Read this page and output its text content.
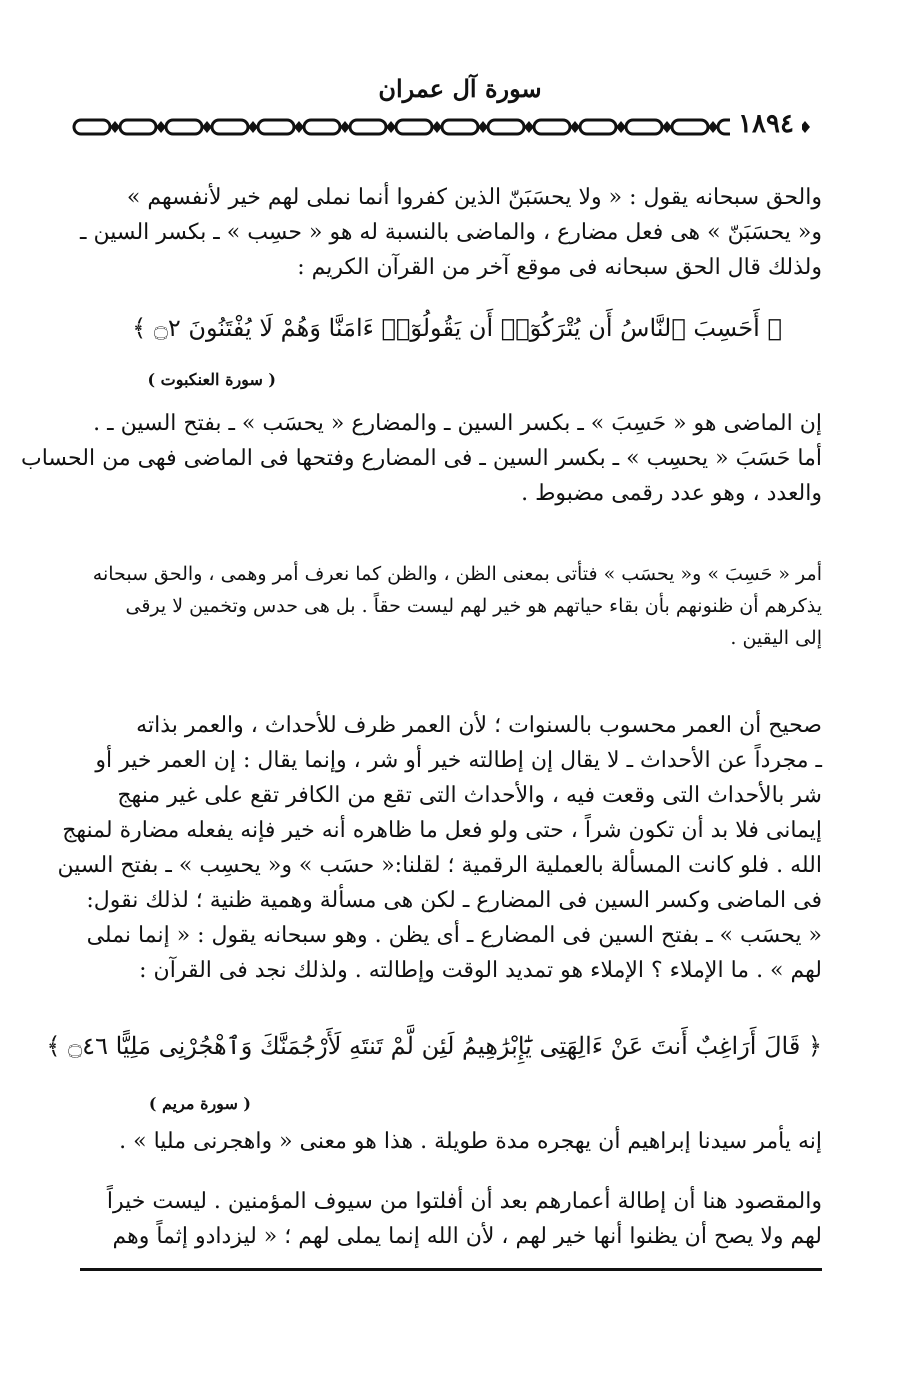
سورة آل عمران
١٨٩٤
والحق سبحانه يقول : « ولا يحسَبَنّ الذين كفروا أنما نملى لهم خير لأنفسهم »
و« يحسَبَنّ » هى فعل مضارع ، والماضى بالنسبة له هو « حسِب » ـ بكسر السين ـ
ولذلك قال الحق سبحانه فى موقع آخر من القرآن الكريم :
﴿ أَحَسِبَ ٱلنَّاسُ أَن يُتْرَكُوٓا۟ أَن يَقُولُوٓا۟ ءَامَنَّا وَهُمْ لَا يُفْتَنُونَ ۝٢ ﴾
( سورة العنكبوت )
إن الماضى هو « حَسِبَ » ـ بكسر السين ـ والمضارع « يحسَب » ـ بفتح السين ـ .
أما حَسَبَ « يحسِب » ـ بكسر السين ـ فى المضارع وفتحها فى الماضى فهى من الحساب
والعدد ، وهو عدد رقمى مضبوط .
أمر « حَسِبَ » و« يحسَب » فتأتى بمعنى الظن ، والظن كما نعرف أمر وهمى ، والحق سبحانه
يذكرهم أن ظنونهم بأن بقاء حياتهم هو خير لهم ليست حقاً . بل هى حدس وتخمين لا يرقى
إلى اليقين .
صحيح أن العمر محسوب بالسنوات ؛ لأن العمر ظرف للأحداث ، والعمر بذاته
ـ مجرداً عن الأحداث ـ لا يقال إن إطالته خير أو شر ، وإنما يقال : إن العمر خير أو
شر بالأحداث التى وقعت فيه ، والأحداث التى تقع من الكافر تقع على غير منهج
إيمانى فلا بد أن تكون شراً ، حتى ولو فعل ما ظاهره أنه خير فإنه يفعله مضارة لمنهج
الله . فلو كانت المسألة بالعملية الرقمية ؛ لقلنا:« حسَب » و« يحسِب » ـ بفتح السين
فى الماضى وكسر السين فى المضارع ـ لكن هى مسألة وهمية ظنية ؛ لذلك نقول:
« يحسَب » ـ بفتح السين فى المضارع ـ أى يظن . وهو سبحانه يقول : « إنما نملى
لهم » . ما الإملاء ؟ الإملاء هو تمديد الوقت وإطالته . ولذلك نجد فى القرآن :
﴿ قَالَ أَرَاغِبٌ أَنتَ عَنْ ءَالِهَتِى يَٰٓإِبْرَٰهِيمُ لَئِن لَّمْ تَنتَهِ لَأَرْجُمَنَّكَ وَٱهْجُرْنِى مَلِيًّا ۝٤٦ ﴾
( سورة مريم )
إنه يأمر سيدنا إبراهيم أن يهجره مدة طويلة . هذا هو معنى « واهجرنى مليا » .
والمقصود هنا أن إطالة أعمارهم بعد أن أفلتوا من سيوف المؤمنين . ليست خيراً
لهم ولا يصح أن يظنوا أنها خير لهم ، لأن الله إنما يملى لهم ؛ « ليزدادو إثماً وهم
